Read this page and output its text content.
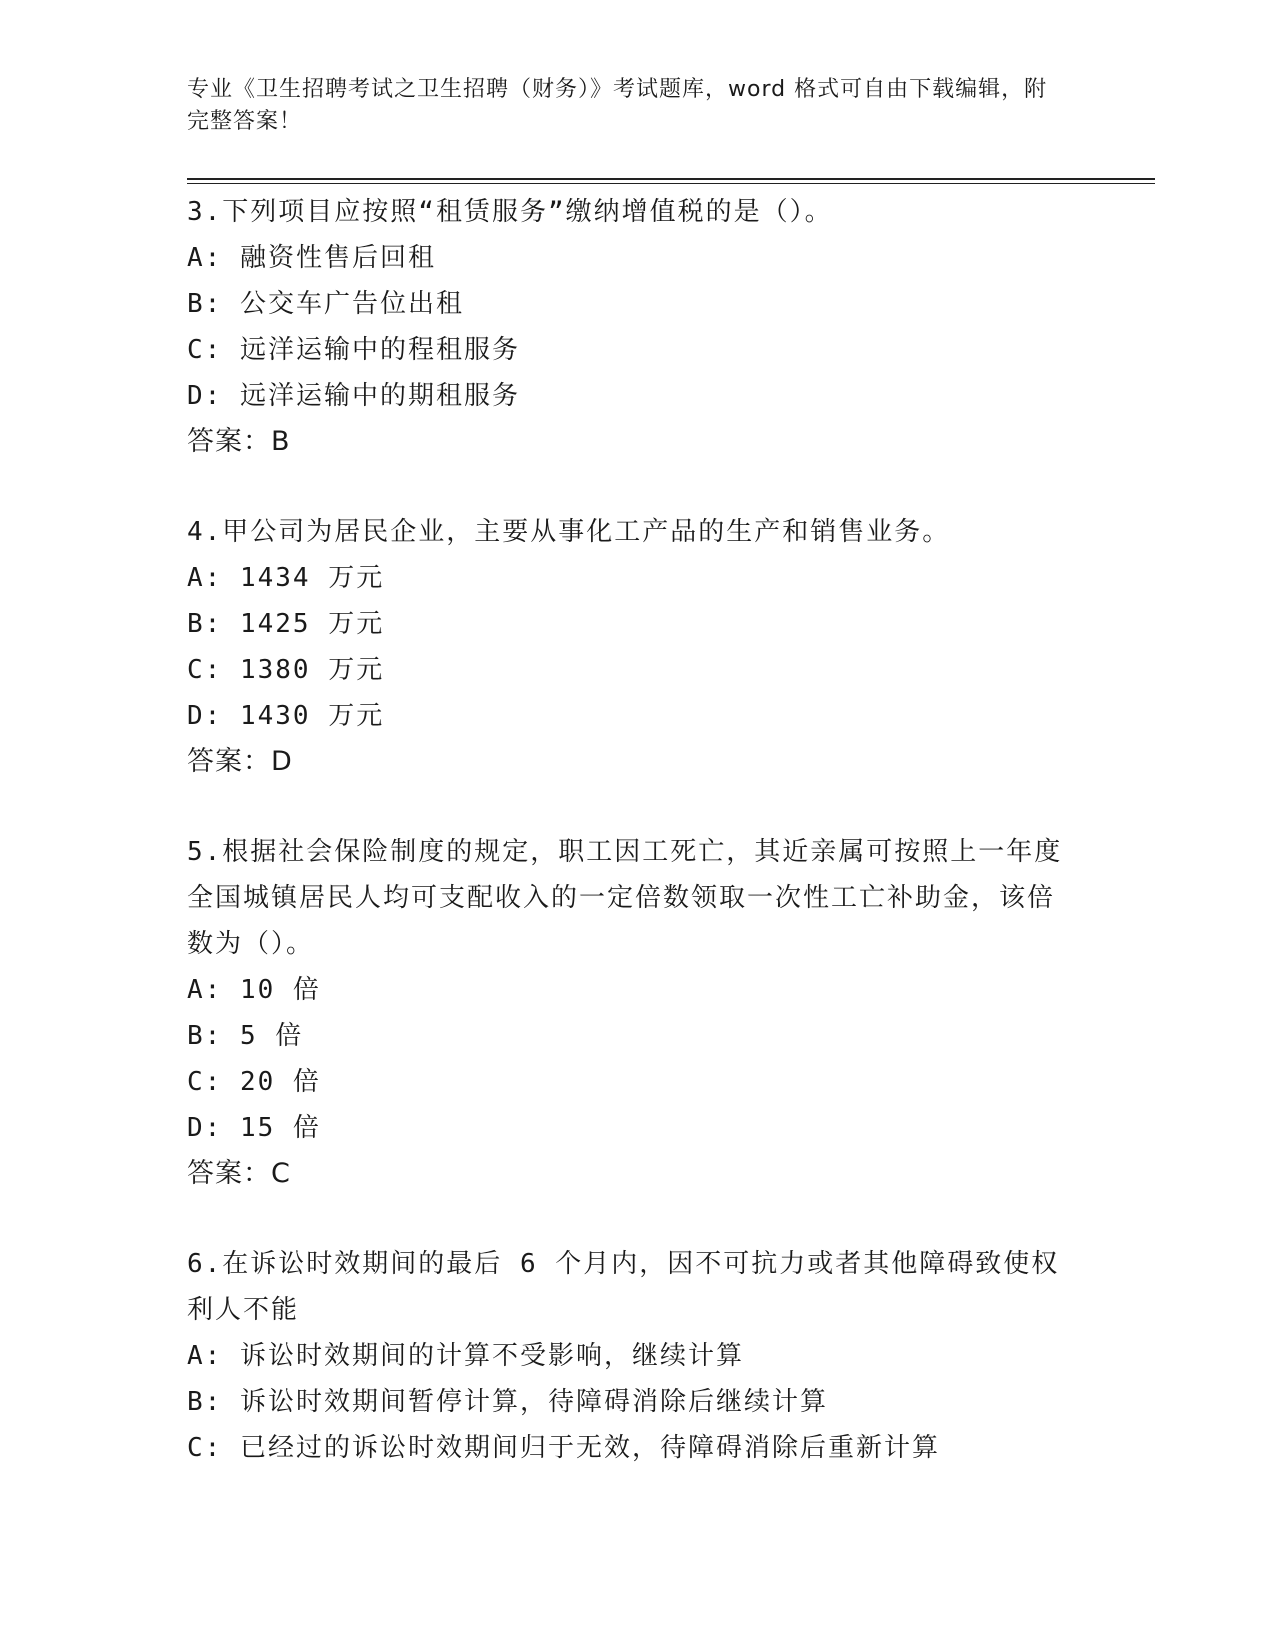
专业《卫生招聘考试之卫生招聘（财务）》考试题库，word 格式可自由下载编辑，附完整答案！
3.下列项目应按照“租赁服务”缴纳增值税的是（）。
A: 融资性售后回租
B: 公交车广告位出租
C: 远洋运输中的程租服务
D: 远洋运输中的期租服务
答案：B
4.甲公司为居民企业，主要从事化工产品的生产和销售业务。
A: 1434 万元
B: 1425 万元
C: 1380 万元
D: 1430 万元
答案：D
5.根据社会保险制度的规定，职工因工死亡，其近亲属可按照上一年度全国城镇居民人均可支配收入的一定倍数领取一次性工亡补助金，该倍数为（）。
A: 10 倍
B: 5 倍
C: 20 倍
D: 15 倍
答案：C
6.在诉讼时效期间的最后 6 个月内，因不可抗力或者其他障碍致使权利人不能
A: 诉讼时效期间的计算不受影响，继续计算
B: 诉讼时效期间暂停计算，待障碍消除后继续计算
C: 已经过的诉讼时效期间归于无效，待障碍消除后重新计算
